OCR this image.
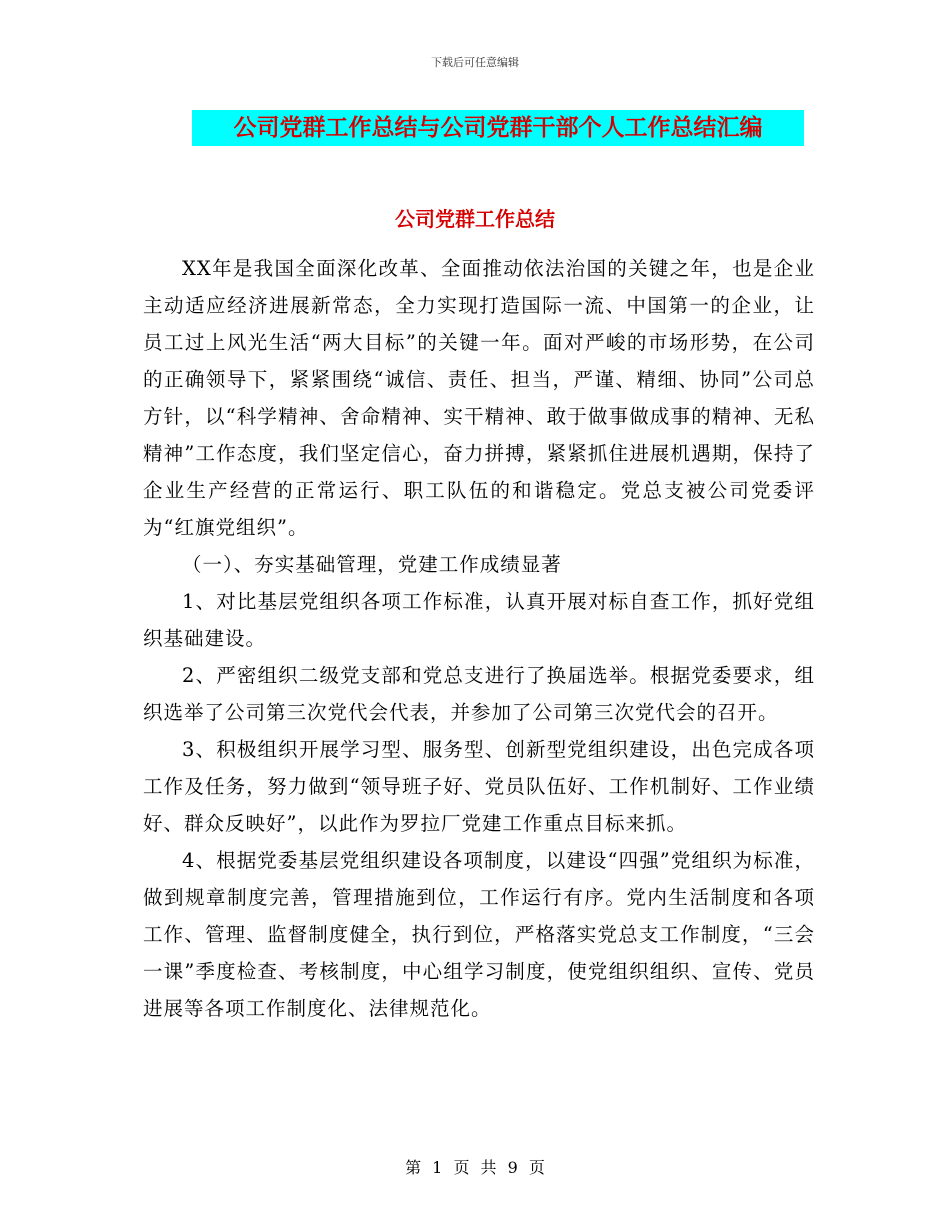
下载后可任意编辑
公司党群工作总结与公司党群干部个人工作总结汇编
公司党群工作总结

XX年是我国全面深化改革、全面推动依法治国的关键之年，也是企业主动适应经济进展新常态，全力实现打造国际一流、中国第一的企业，让员工过上风光生活“两大目标”的关键一年。面对严峻的市场形势，在公司的正确领导下，紧紧围绕“诚信、责任、担当，严谨、精细、协同”公司总方针，以“科学精神、舍命精神、实干精神、敢于做事做成事的精神、无私精神”工作态度，我们坚定信心，奋力拼搏，紧紧抓住进展机遇期，保持了企业生产经营的正常运行、职工队伍的和谐稳定。党总支被公司党委评为“红旗党组织”。

（一）、夯实基础管理，党建工作成绩显著

1、对比基层党组织各项工作标准，认真开展对标自查工作，抓好党组织基础建设。

2、严密组织二级党支部和党总支进行了换届选举。根据党委要求，组织选举了公司第三次党代会代表，并参加了公司第三次党代会的召开。

3、积极组织开展学习型、服务型、创新型党组织建设，出色完成各项工作及任务，努力做到“领导班子好、党员队伍好、工作机制好、工作业绩好、群众反映好”，以此作为罗拉厂党建工作重点目标来抓。

4、根据党委基层党组织建设各项制度，以建设“四强”党组织为标准，做到规章制度完善，管理措施到位，工作运行有序。党内生活制度和各项工作、管理、监督制度健全，执行到位，严格落实党总支工作制度，“三会一课”季度检查、考核制度，中心组学习制度，使党组织组织、宣传、党员进展等各项工作制度化、法律规范化。

第 1 页 共 9 页
